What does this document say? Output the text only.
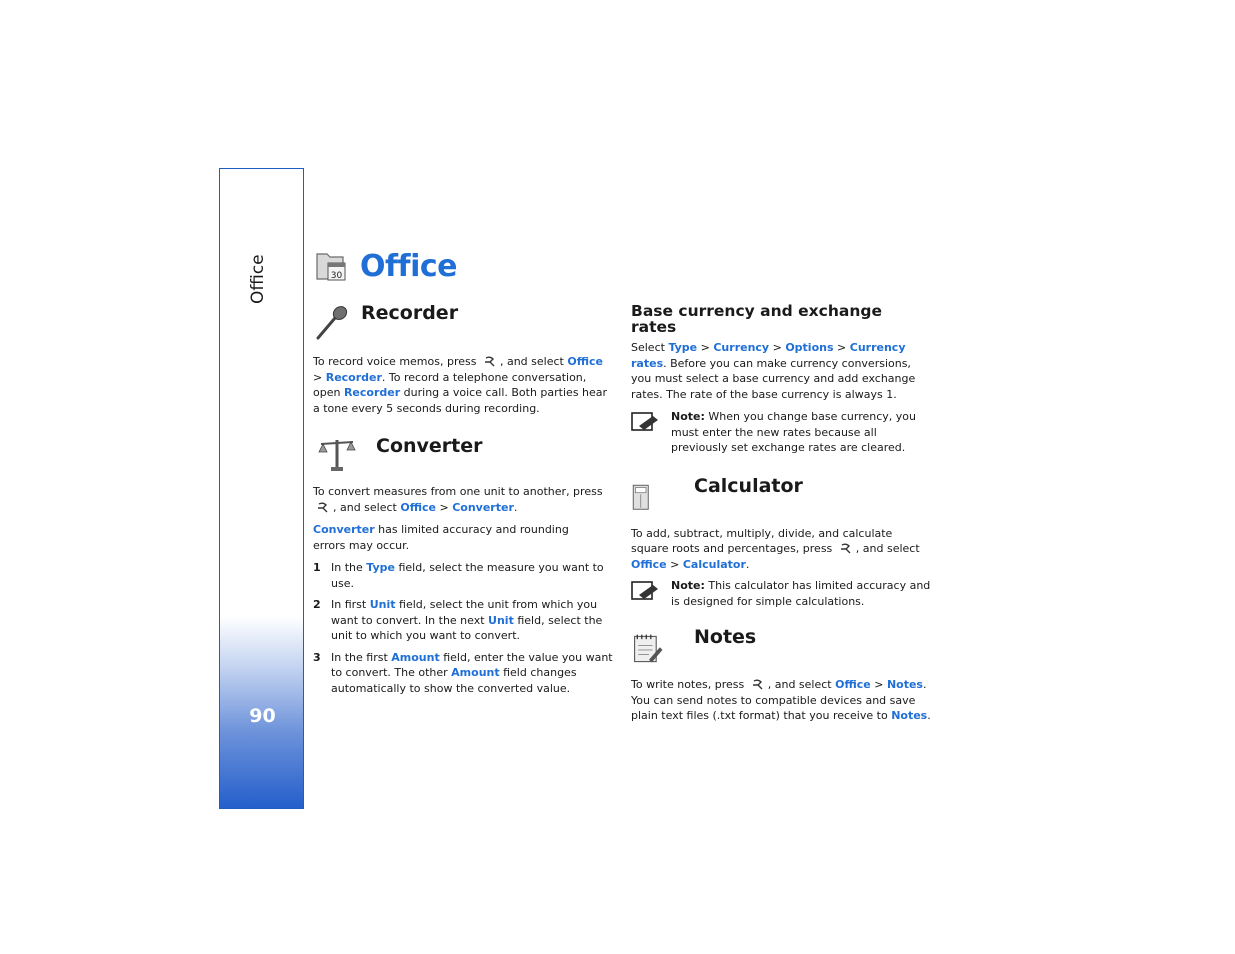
Office
90
30 Office
Recorder

To record voice memos, press , and select Office > Recorder. To record a telephone conversation, open Recorder during a voice call. Both parties hear a tone every 5 seconds during recording.

Converter

To convert measures from one unit to another, press , and select Office > Converter.

Converter has limited accuracy and rounding errors may occur.

1 In the Type field, select the measure you want to use.
2 In first Unit field, select the unit from which you want to convert. In the next Unit field, select the unit to which you want to convert.
3 In the first Amount field, enter the value you want to convert. The other Amount field changes automatically to show the converted value.
Base currency and exchange rates

Select Type > Currency > Options > Currency rates. Before you can make currency conversions, you must select a base currency and add exchange rates. The rate of the base currency is always 1.

Note: When you change base currency, you must enter the new rates because all previously set exchange rates are cleared.

Calculator

To add, subtract, multiply, divide, and calculate square roots and percentages, press , and select Office > Calculator.

Note: This calculator has limited accuracy and is designed for simple calculations.

Notes

To write notes, press , and select Office > Notes. You can send notes to compatible devices and save plain text files (.txt format) that you receive to Notes.
